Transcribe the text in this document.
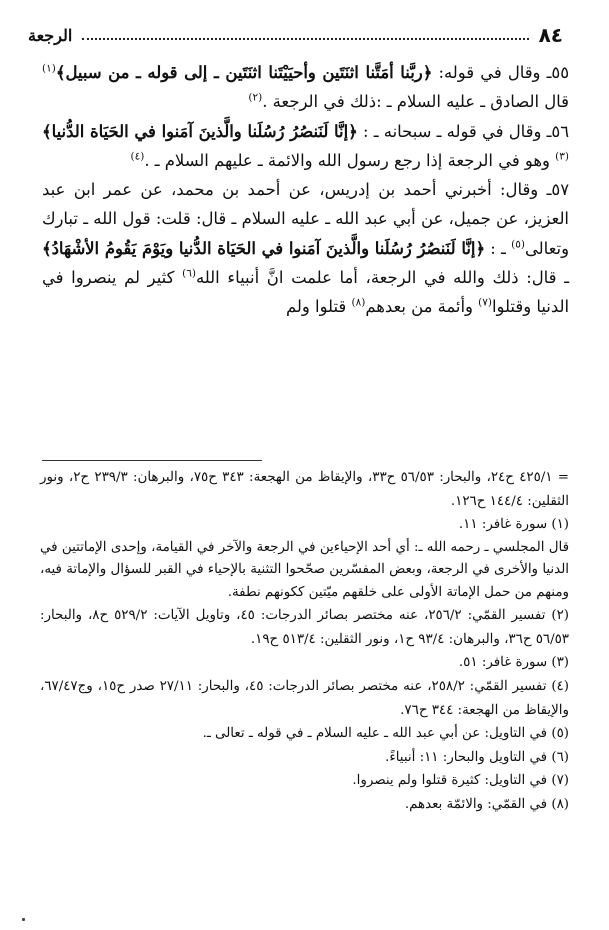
٨٤
الرجعة

٥٥ـ وقال في قوله: ﴿ربَّنا أمَتَّنا اثنَتَين وأحيَيْتَنا اثنَتَين ـ إلى قوله ـ من سبيل﴾$^{(١)}$ قال الصادق ـ عليه السلام ـ :ذلك في الرجعة .$^{(٢)}$

٥٦ـ وقال في قوله ـ سبحانه ـ : ﴿إنَّا لَنَنصُرُ رُسُلَنا والَّذينَ آمَنوا في الحَيَاة الدُّنيا﴾$^{(٣)}$ وهو في الرجعة إذا رجع رسول الله والائمة ـ عليهم السلام ـ .$^{(٤)}$

٥٧ـ وقال: أخبرني أحمد بن إدريس، عن أحمد بن محمد، عن عمر ابن عبد العزيز، عن جميل، عن أبي عبد الله ـ عليه السلام ـ قال: قلت: قول الله ـ تبارك وتعالى$^{(٥)}$ ـ : ﴿إنَّا لَنَنصُرُ رُسُلَنا والَّذينَ آمَنوا في الحَيَاة الدُّنيا ويَوْمَ يَقُومُ الأشْهَادُ﴾ ـ قال: ذلك والله في الرجعة، أما علمت انَّ أنبياء الله$^{(٦)}$ كثير لم ينصروا في الدنيا وقتلوا$^{(٧)}$ وأئمة من بعدهم$^{(٨)}$ قتلوا ولم

= ٤٢٥/١ ح٢٤، والبحار: ٥٦/٥٣ ح٣٣، والإيقاظ من الهجعة: ٣٤٣ ح٧٥، والبرهان: ٢٣٩/٣ ح٢، ونور الثقلين: ١٤٤/٤ ح١٢٦.

(١) سورة غافر: ١١.

قال المجلسي ـ رحمه الله ـ: أي أحد الإحياءين في الرجعة والآخر في القيامة، وإحدى الإماتتين في الدنيا والأخرى في الرجعة، وبعض المفسّرين صحّحوا التثنية بالإحياء في القبر للسؤال والإماتة فيه، ومنهم من حمل الإماتة الأولى على خلقهم ميّتين ككونهم نطفة.

(٢) تفسير القمّي: ٢٥٦/٢، عنه مختصر بصائر الدرجات: ٤٥، وتاويل الآيات: ٥٢٩/٢ ح٨، والبحار: ٥٦/٥٣ ح٣٦، والبرهان: ٩٣/٤ ح١، ونور الثقلين: ٥١٣/٤ ح١٩.

(٣) سورة غافر: ٥١.

(٤) تفسير القمّي: ٢٥٨/٢، عنه مختصر بصائر الدرجات: ٤٥، والبحار: ٢٧/١١ صدر ح١٥، وج٦٧/٤٧، والإيقاظ من الهجعة: ٣٤٤ ح٧٦.

(٥) في التاويل: عن أبي عبد الله ـ عليه السلام ـ في قوله ـ تعالى ـ.

(٦) في التاويل والبحار: ١١: أنبياءً.

(٧) في التاويل: كثيرة قتلوا ولم ينصروا.

(٨) في القمّي: والائمّة بعدهم.
